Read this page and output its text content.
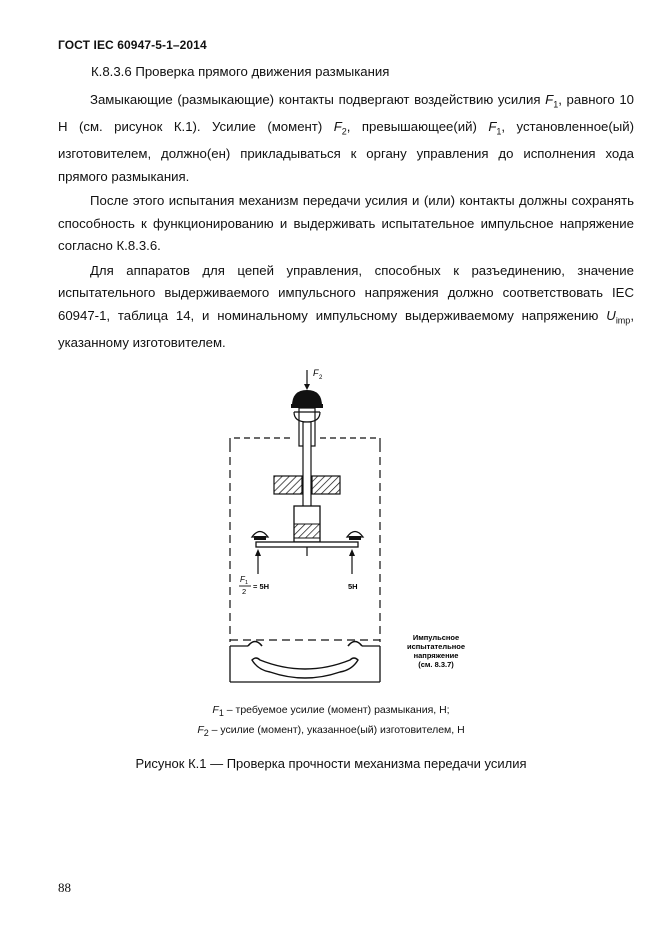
ГОСТ IEC 60947-5-1–2014
К.8.3.6 Проверка прямого движения размыкания

Замыкающие (размыкающие) контакты подвергают воздействию усилия $F_1$, равного 10 Н (см. рисунок К.1). Усилие (момент) $F_2$, превышающее(ий) $F_1$, установленное(ый) изготовителем, должно(ен) прикладываться к органу управления до исполнения хода прямого размыкания.

После этого испытания механизм передачи усилия и (или) контакты должны сохранять способность к функционированию и выдерживать испытательное импульсное напряжение согласно К.8.3.6.

Для аппаратов для цепей управления, способных к разъединению, значение испытательного выдерживаемого импульсного напряжения должно соответствовать IEC 60947-1, таблица 14, и номинальному импульсному выдерживаемому напряжению $U_{imp}$, указанному изготовителем.

F 2
F 1
2
= 5Н	5Н
Импульсное
испытательное
напряжение
(см. 8.3.7)
$F_1$ – требуемое усилие (момент) размыкания, Н;
$F_2$ – усилие (момент), указанное(ый) изготовителем, Н
Рисунок К.1 — Проверка прочности механизма передачи усилия
88
